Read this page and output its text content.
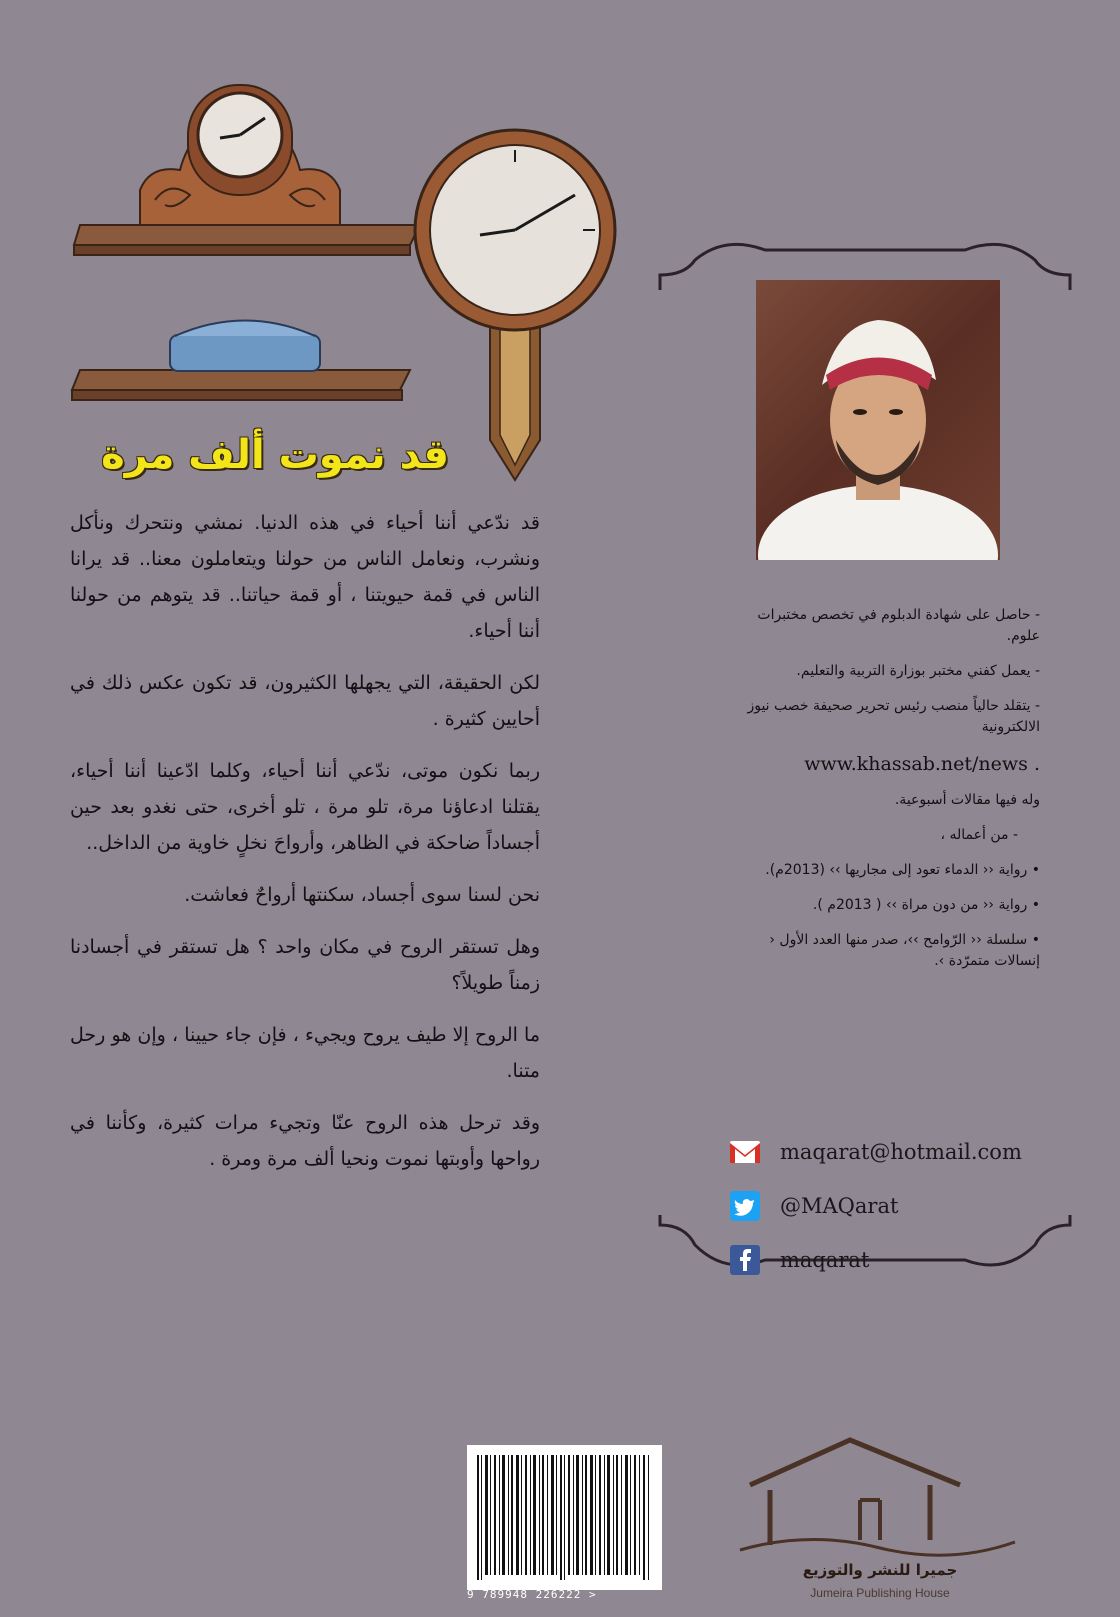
قد نموت ألف مرة

قد ندّعي أننا أحياء في هذه الدنيا. نمشي ونتحرك ونأكل ونشرب، ونعامل الناس من حولنا ويتعاملون معنا.. قد يرانا الناس في قمة حيويتنا ، أو قمة حياتنا.. قد يتوهم من حولنا أننا أحياء.

لكن الحقيقة، التي يجهلها الكثيرون، قد تكون عكس ذلك في أحايين كثيرة .

ربما نكون موتى، ندّعي أننا أحياء، وكلما ادّعينا أننا أحياء، يقتلنا ادعاؤنا مرة، تلو مرة ، تلو أخرى، حتى نغدو بعد حين أجساداً ضاحكة في الظاهر، وأرواحَ نخلٍ خاوية من الداخل..

نحن لسنا سوى أجساد، سكنتها أرواحٌ فعاشت.

وهل تستقر الروح في مكان واحد ؟ هل تستقر في أجسادنا زمناً طويلاً؟

ما الروح إلا طيف يروح ويجيء ، فإن جاء حيينا ، وإن هو رحل متنا.

وقد ترحل هذه الروح عنّا وتجيء مرات كثيرة، وكأننا في رواحها وأوبتها نموت ونحيا ألف مرة ومرة .

- حاصل على شهادة الدبلوم في تخصص مختبرات علوم.
- يعمل كفني مختبر بوزارة التربية والتعليم.
- يتقلد حالياً منصب رئيس تحرير صحيفة خصب نيوز الالكترونية
www.khassab.net/news .
وله فيها مقالات أسبوعية.
- من أعماله ،
• رواية ‹‹ الدماء تعود إلى مجاريها ›› (2013م).
• رواية ‹‹ من دون مراة ›› ( 2013م ).
• سلسلة ‹‹ الرّوامح ››، صدر منها العدد الأول ‹ إنسالات متمرّدة ›.
maqarat@hotmail.com
@MAQarat
maqarat
9 789948 226222 >
جميرا للنشر والتوزيع
Jumeira Publishing House
